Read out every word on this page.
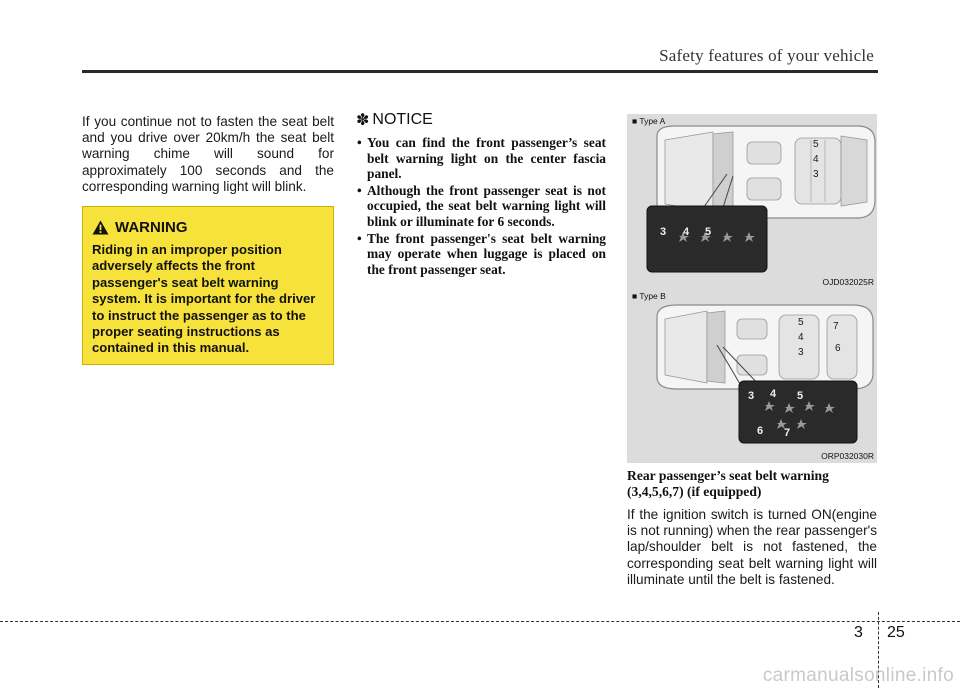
Safety features of your vehicle

If you continue not to fasten the seat belt and you drive over 20km/h the seat belt warning chime will sound for approximately 100 seconds and the corresponding warning light will blink.

WARNING

Riding in an improper position adversely affects the front passenger's seat belt warning system. It is important for the driver to instruct the passenger as to the proper seating instructions as contained in this manual.

✽ NOTICE
• You can find the front passenger’s seat belt warning light on the center fascia panel.
• Although the front passenger seat is not occupied, the seat belt warning light will blink or illuminate for 6 seconds.
• The front passenger's seat belt warning may operate when luggage is placed on the front passenger seat.
■ Type A
5
4
3
3 4 5
OJD032025R
■ Type B
5
4
3
7
6
3 4 5
6 7
ORP032030R
Rear passenger’s seat belt warning (3,4,5,6,7) (if equipped)

If the ignition switch is turned ON(engine is not running) when the rear passenger's lap/shoulder belt is not fastened, the corresponding seat belt warning light will illuminate until the belt is fastened.

3 25
carmanualsonline.info
